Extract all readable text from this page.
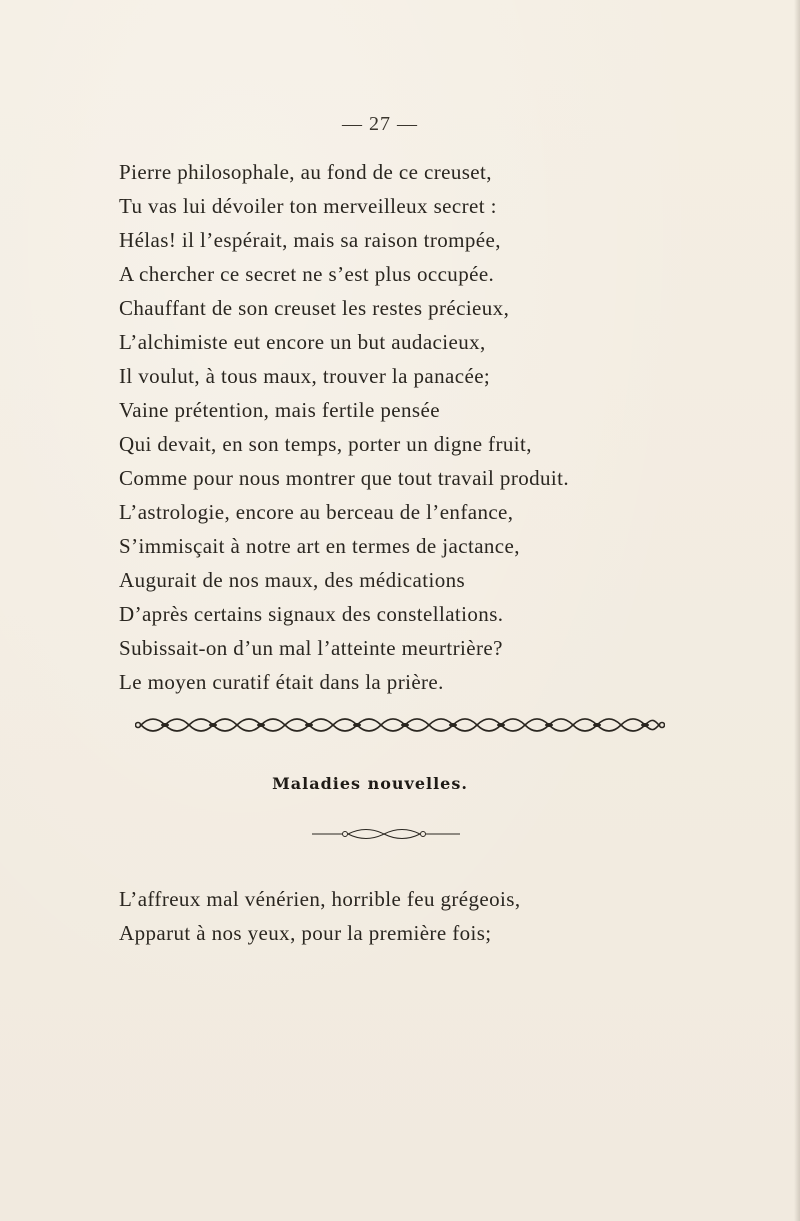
— 27 —
Pierre philosophale, au fond de ce creuset,
Tu vas lui dévoiler ton merveilleux secret :
Hélas! il l’espérait, mais sa raison trompée,
A chercher ce secret ne s’est plus occupée.
Chauffant de son creuset les restes précieux,
L’alchimiste eut encore un but audacieux,
Il voulut, à tous maux, trouver la panacée;
Vaine prétention, mais fertile pensée
Qui devait, en son temps, porter un digne fruit,
Comme pour nous montrer que tout travail produit.
L’astrologie, encore au berceau de l’enfance,
S’immisçait à notre art en termes de jactance,
Augurait de nos maux, des médications
D’après certains signaux des constellations.
Subissait-on d’un mal l’atteinte meurtrière?
Le moyen curatif était dans la prière.
Maladies nouvelles.
L’affreux mal vénérien, horrible feu grégeois,
Apparut à nos yeux, pour la première fois;
